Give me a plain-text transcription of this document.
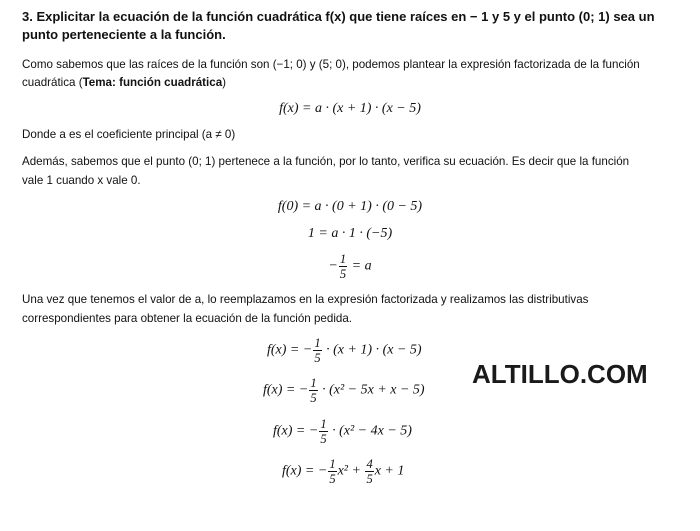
3. Explicitar la ecuación de la función cuadrática f(x) que tiene raíces en − 1 y 5 y el punto (0; 1) sea un
punto perteneciente a la función.
Como sabemos que las raíces de la función son (−1; 0) y (5; 0), podemos plantear la expresión factorizada de la función
cuadrática (Tema: función cuadrática)
f(x) = a · (x + 1) · (x − 5)
Donde a es el coeficiente principal (a ≠ 0)
Además, sabemos que el punto (0; 1) pertenece a la función, por lo tanto, verifica su ecuación. Es decir que la función
vale 1 cuando x vale 0.
f(0) = a · (0 + 1) · (0 − 5)
1 = a · 1 · (−5)
− $\frac{1}{5} = a$
Una vez que tenemos el valor de a, lo reemplazamos en la expresión factorizada y realizamos las distributivas
correspondientes para obtener la ecuación de la función pedida.
f(x) = − $\frac{1}{5} \cdot (x + 1) \cdot (x - 5)$
f(x) = − $\frac{1}{5} \cdot (x^2 - 5x + x - 5)$
f(x) = − $\frac{1}{5} \cdot (x^2 - 4x - 5)$
f(x) = − $\frac{1}{5} x^2 + \frac{4}{5}$ x + 1
ALTILLO.COM
